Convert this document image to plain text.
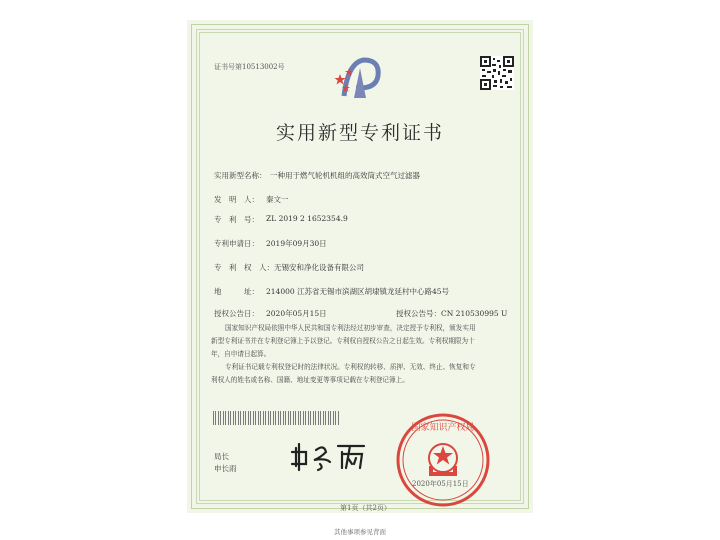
证书号第10513002号
实用新型专利证书
实用新型名称： 一种用于燃气轮机机组的高效筒式空气过滤器
发　明　人： 秦文一
专　利　号： ZL 2019 2 1652354.9
专利申请日： 2019年09月30日
专　利　权　人： 无锡安和净化设备有限公司
地　　　址： 214000 江苏省无锡市滨湖区胡埭镇龙延村中心路45号
授权公告日： 2020年05月15日	授权公告号：CN 210530995 U
国家知识产权局依照中华人民共和国专利法经过初步审查，决定授予专利权，颁发实用
新型专利证书并在专利登记簿上予以登记。专利权自授权公告之日起生效。专利权期限为十
年，自申请日起算。
专利证书记载专利权登记时的法律状况。专利权的转移、质押、无效、终止、恢复和专
利权人的姓名或名称、国籍、地址变更等事项记载在专利登记簿上。
局长
申长雨
国家知识产权局
2020年05月15日
第1页（共2页）
其他事项参见背面
